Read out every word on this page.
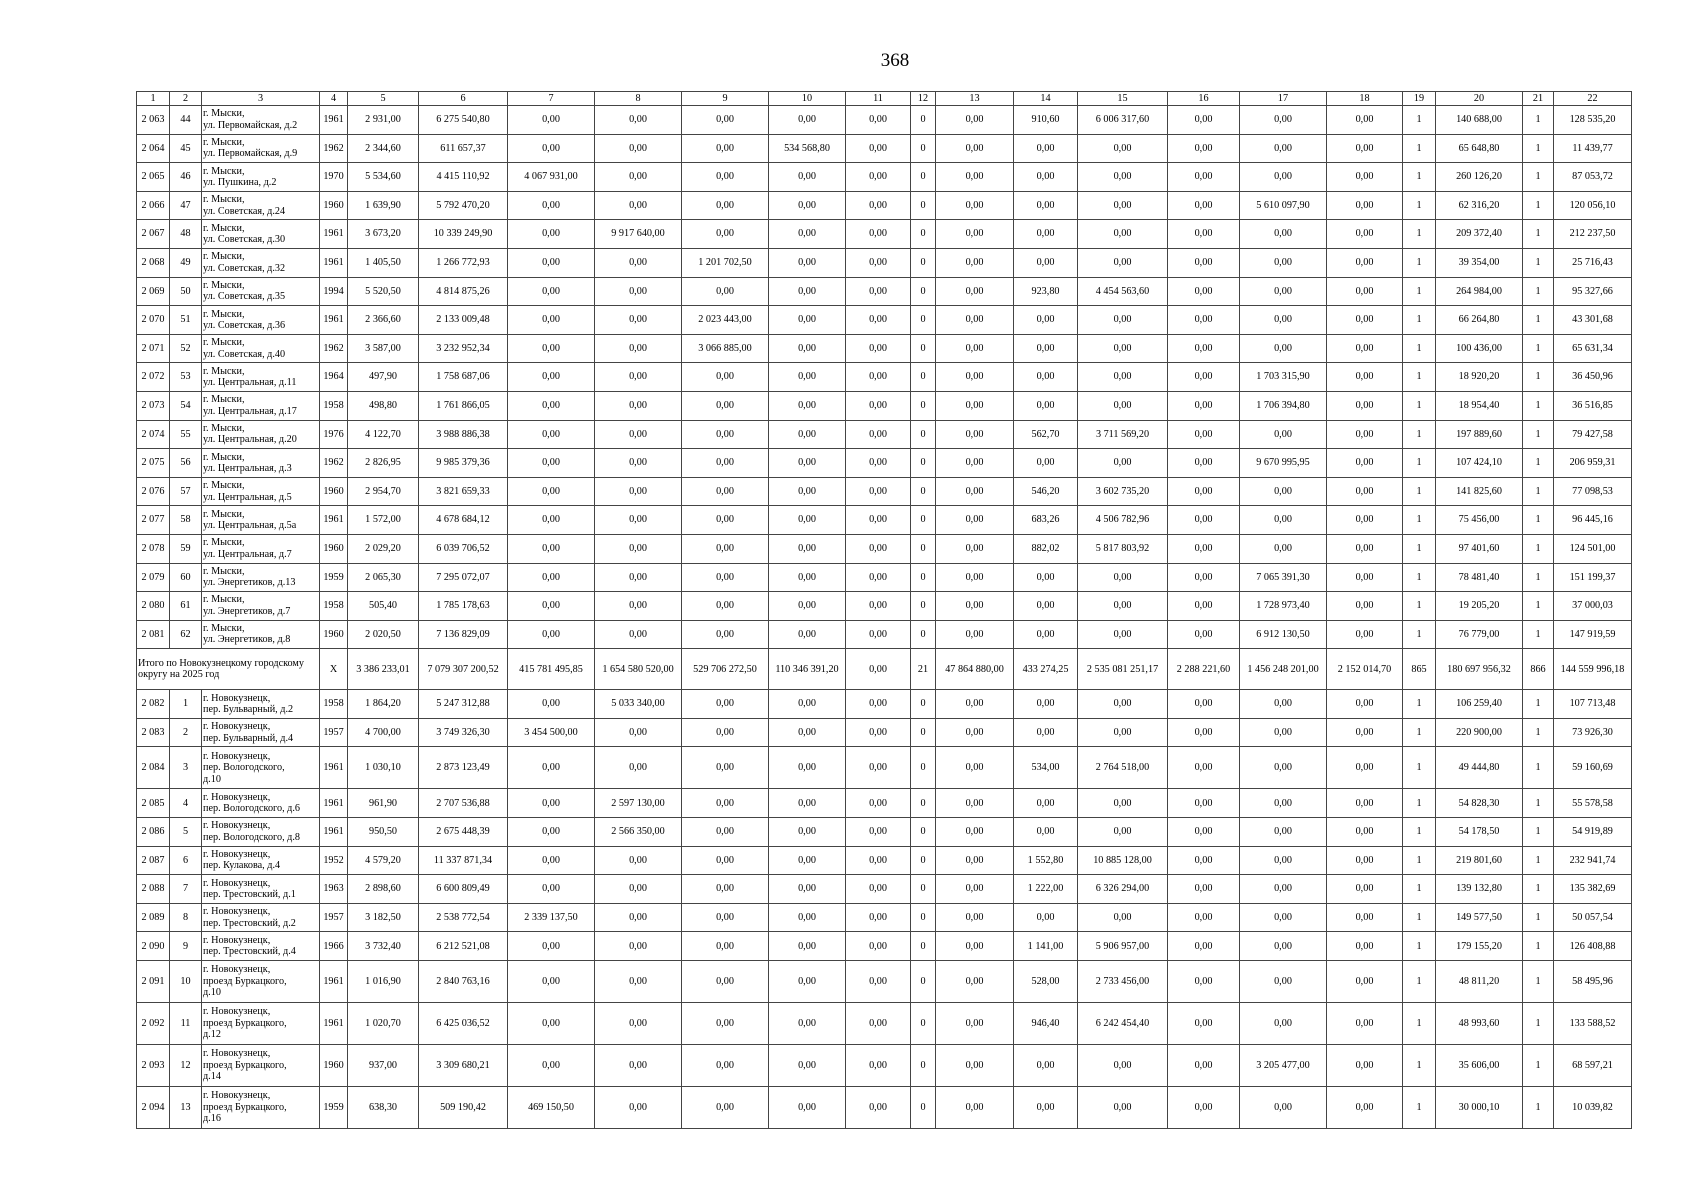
368
1	2	3	4	5	6	7	8	9	10	11	12	13	14	15	16	17	18	19	20	21	22
2 063	44	г. Мыски,
ул. Первомайская, д.2	1961	2 931,00	6 275 540,80	0,00	0,00	0,00	0,00	0,00	0	0,00	910,60	6 006 317,60	0,00	0,00	0,00	1	140 688,00	1	128 535,20
2 064	45	г. Мыски,
ул. Первомайская, д.9	1962	2 344,60	611 657,37	0,00	0,00	0,00	534 568,80	0,00	0	0,00	0,00	0,00	0,00	0,00	0,00	1	65 648,80	1	11 439,77
2 065	46	г. Мыски,
ул. Пушкина, д.2	1970	5 534,60	4 415 110,92	4 067 931,00	0,00	0,00	0,00	0,00	0	0,00	0,00	0,00	0,00	0,00	0,00	1	260 126,20	1	87 053,72
2 066	47	г. Мыски,
ул. Советская, д.24	1960	1 639,90	5 792 470,20	0,00	0,00	0,00	0,00	0,00	0	0,00	0,00	0,00	0,00	5 610 097,90	0,00	1	62 316,20	1	120 056,10
2 067	48	г. Мыски,
ул. Советская, д.30	1961	3 673,20	10 339 249,90	0,00	9 917 640,00	0,00	0,00	0,00	0	0,00	0,00	0,00	0,00	0,00	0,00	1	209 372,40	1	212 237,50
2 068	49	г. Мыски,
ул. Советская, д.32	1961	1 405,50	1 266 772,93	0,00	0,00	1 201 702,50	0,00	0,00	0	0,00	0,00	0,00	0,00	0,00	0,00	1	39 354,00	1	25 716,43
2 069	50	г. Мыски,
ул. Советская, д.35	1994	5 520,50	4 814 875,26	0,00	0,00	0,00	0,00	0,00	0	0,00	923,80	4 454 563,60	0,00	0,00	0,00	1	264 984,00	1	95 327,66
2 070	51	г. Мыски,
ул. Советская, д.36	1961	2 366,60	2 133 009,48	0,00	0,00	2 023 443,00	0,00	0,00	0	0,00	0,00	0,00	0,00	0,00	0,00	1	66 264,80	1	43 301,68
2 071	52	г. Мыски,
ул. Советская, д.40	1962	3 587,00	3 232 952,34	0,00	0,00	3 066 885,00	0,00	0,00	0	0,00	0,00	0,00	0,00	0,00	0,00	1	100 436,00	1	65 631,34
2 072	53	г. Мыски,
ул. Центральная, д.11	1964	497,90	1 758 687,06	0,00	0,00	0,00	0,00	0,00	0	0,00	0,00	0,00	0,00	1 703 315,90	0,00	1	18 920,20	1	36 450,96
2 073	54	г. Мыски,
ул. Центральная, д.17	1958	498,80	1 761 866,05	0,00	0,00	0,00	0,00	0,00	0	0,00	0,00	0,00	0,00	1 706 394,80	0,00	1	18 954,40	1	36 516,85
2 074	55	г. Мыски,
ул. Центральная, д.20	1976	4 122,70	3 988 886,38	0,00	0,00	0,00	0,00	0,00	0	0,00	562,70	3 711 569,20	0,00	0,00	0,00	1	197 889,60	1	79 427,58
2 075	56	г. Мыски,
ул. Центральная, д.3	1962	2 826,95	9 985 379,36	0,00	0,00	0,00	0,00	0,00	0	0,00	0,00	0,00	0,00	9 670 995,95	0,00	1	107 424,10	1	206 959,31
2 076	57	г. Мыски,
ул. Центральная, д.5	1960	2 954,70	3 821 659,33	0,00	0,00	0,00	0,00	0,00	0	0,00	546,20	3 602 735,20	0,00	0,00	0,00	1	141 825,60	1	77 098,53
2 077	58	г. Мыски,
ул. Центральная, д.5а	1961	1 572,00	4 678 684,12	0,00	0,00	0,00	0,00	0,00	0	0,00	683,26	4 506 782,96	0,00	0,00	0,00	1	75 456,00	1	96 445,16
2 078	59	г. Мыски,
ул. Центральная, д.7	1960	2 029,20	6 039 706,52	0,00	0,00	0,00	0,00	0,00	0	0,00	882,02	5 817 803,92	0,00	0,00	0,00	1	97 401,60	1	124 501,00
2 079	60	г. Мыски,
ул. Энергетиков, д.13	1959	2 065,30	7 295 072,07	0,00	0,00	0,00	0,00	0,00	0	0,00	0,00	0,00	0,00	7 065 391,30	0,00	1	78 481,40	1	151 199,37
2 080	61	г. Мыски,
ул. Энергетиков, д.7	1958	505,40	1 785 178,63	0,00	0,00	0,00	0,00	0,00	0	0,00	0,00	0,00	0,00	1 728 973,40	0,00	1	19 205,20	1	37 000,03
2 081	62	г. Мыски,
ул. Энергетиков, д.8	1960	2 020,50	7 136 829,09	0,00	0,00	0,00	0,00	0,00	0	0,00	0,00	0,00	0,00	6 912 130,50	0,00	1	76 779,00	1	147 919,59
Итого по Новокузнецкому городскому округу на 2025 год			X	3 386 233,01	7 079 307 200,52	415 781 495,85	1 654 580 520,00	529 706 272,50	110 346 391,20	0,00	21	47 864 880,00	433 274,25	2 535 081 251,17	2 288 221,60	1 456 248 201,00	2 152 014,70	865	180 697 956,32	866	144 559 996,18
2 082	1	г. Новокузнецк,
пер. Бульварный, д.2	1958	1 864,20	5 247 312,88	0,00	5 033 340,00	0,00	0,00	0,00	0	0,00	0,00	0,00	0,00	0,00	0,00	1	106 259,40	1	107 713,48
2 083	2	г. Новокузнецк,
пер. Бульварный, д.4	1957	4 700,00	3 749 326,30	3 454 500,00	0,00	0,00	0,00	0,00	0	0,00	0,00	0,00	0,00	0,00	0,00	1	220 900,00	1	73 926,30
2 084	3	г. Новокузнецк,
пер. Вологодского,
д.10	1961	1 030,10	2 873 123,49	0,00	0,00	0,00	0,00	0,00	0	0,00	534,00	2 764 518,00	0,00	0,00	0,00	1	49 444,80	1	59 160,69
2 085	4	г. Новокузнецк,
пер. Вологодского, д.6	1961	961,90	2 707 536,88	0,00	2 597 130,00	0,00	0,00	0,00	0	0,00	0,00	0,00	0,00	0,00	0,00	1	54 828,30	1	55 578,58
2 086	5	г. Новокузнецк,
пер. Вологодского, д.8	1961	950,50	2 675 448,39	0,00	2 566 350,00	0,00	0,00	0,00	0	0,00	0,00	0,00	0,00	0,00	0,00	1	54 178,50	1	54 919,89
2 087	6	г. Новокузнецк,
пер. Кулакова, д.4	1952	4 579,20	11 337 871,34	0,00	0,00	0,00	0,00	0,00	0	0,00	1 552,80	10 885 128,00	0,00	0,00	0,00	1	219 801,60	1	232 941,74
2 088	7	г. Новокузнецк,
пер. Трестовский, д.1	1963	2 898,60	6 600 809,49	0,00	0,00	0,00	0,00	0,00	0	0,00	1 222,00	6 326 294,00	0,00	0,00	0,00	1	139 132,80	1	135 382,69
2 089	8	г. Новокузнецк,
пер. Трестовский, д.2	1957	3 182,50	2 538 772,54	2 339 137,50	0,00	0,00	0,00	0,00	0	0,00	0,00	0,00	0,00	0,00	0,00	1	149 577,50	1	50 057,54
2 090	9	г. Новокузнецк,
пер. Трестовский, д.4	1966	3 732,40	6 212 521,08	0,00	0,00	0,00	0,00	0,00	0	0,00	1 141,00	5 906 957,00	0,00	0,00	0,00	1	179 155,20	1	126 408,88
2 091	10	г. Новокузнецк,
проезд Буркацкого,
д.10	1961	1 016,90	2 840 763,16	0,00	0,00	0,00	0,00	0,00	0	0,00	528,00	2 733 456,00	0,00	0,00	0,00	1	48 811,20	1	58 495,96
2 092	11	г. Новокузнецк,
проезд Буркацкого,
д.12	1961	1 020,70	6 425 036,52	0,00	0,00	0,00	0,00	0,00	0	0,00	946,40	6 242 454,40	0,00	0,00	0,00	1	48 993,60	1	133 588,52
2 093	12	г. Новокузнецк,
проезд Буркацкого,
д.14	1960	937,00	3 309 680,21	0,00	0,00	0,00	0,00	0,00	0	0,00	0,00	0,00	0,00	3 205 477,00	0,00	1	35 606,00	1	68 597,21
2 094	13	г. Новокузнецк,
проезд Буркацкого,
д.16	1959	638,30	509 190,42	469 150,50	0,00	0,00	0,00	0,00	0	0,00	0,00	0,00	0,00	0,00	0,00	1	30 000,10	1	10 039,82
